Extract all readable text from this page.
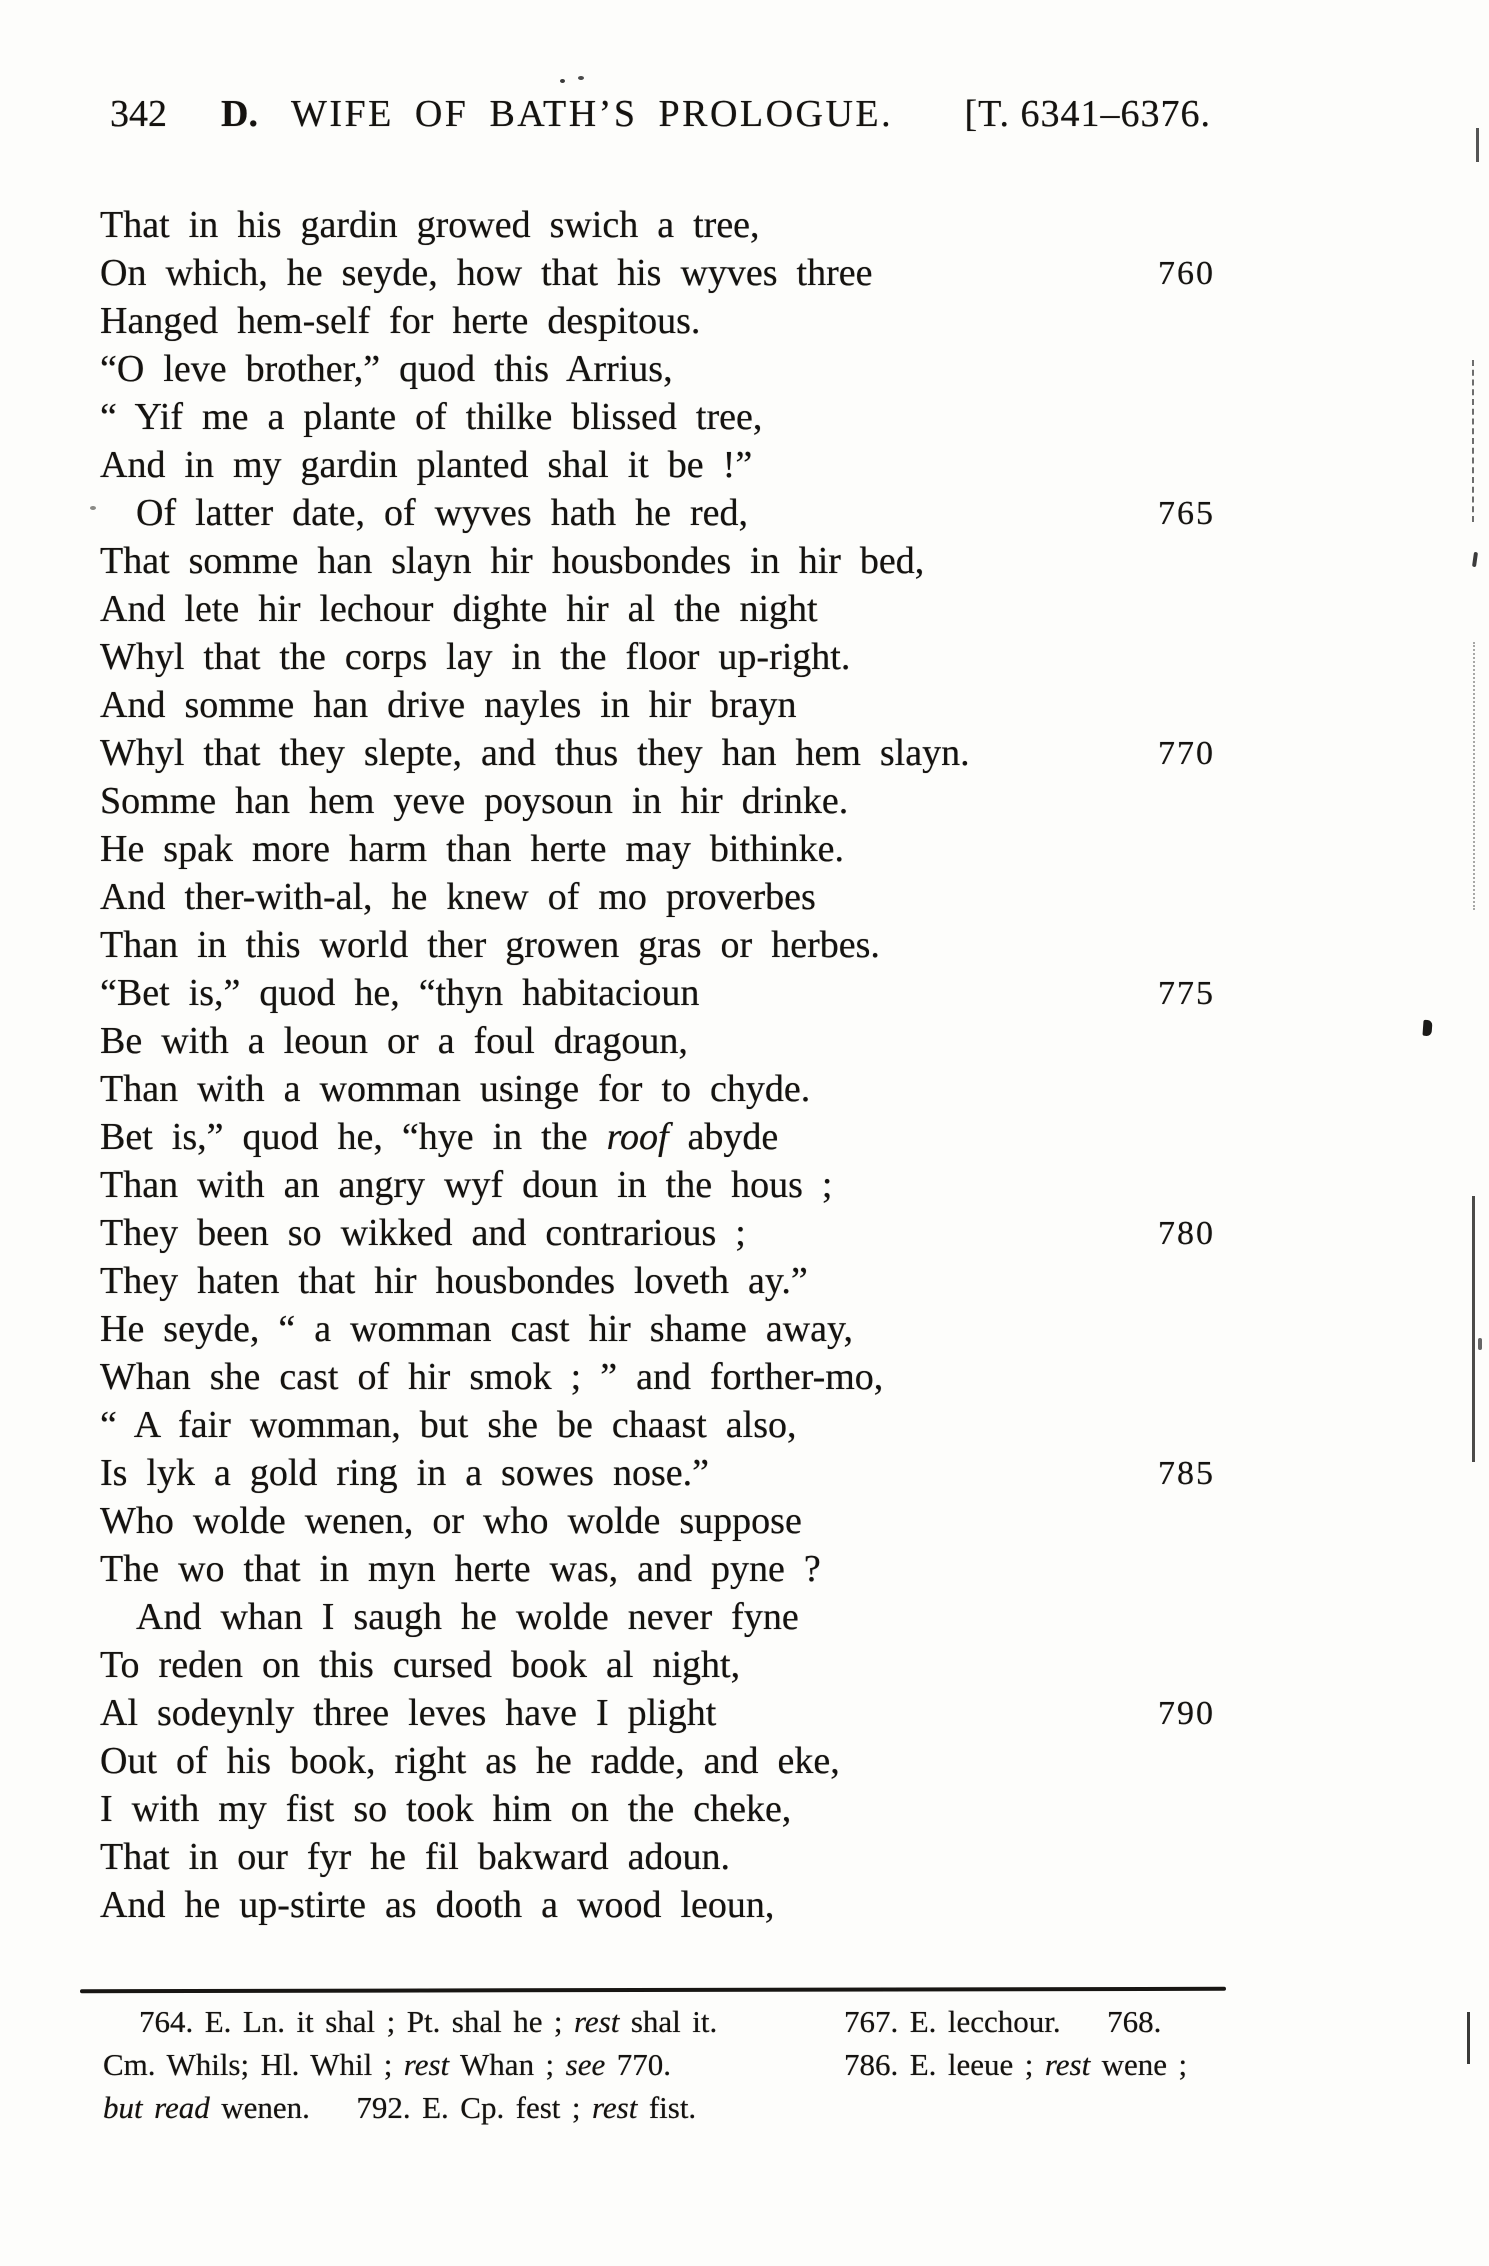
342 D. WIFE OF BATH’S PROLOGUE. [T. 6341–6376.
That in his gardin growed swich a tree,
On which, he seyde, how that his wyves three	760
Hanged hem-self for herte despitous.
“O leve brother,” quod this Arrius,
“ Yif me a plante of thilke blissed tree,
And in my gardin planted shal it be !”
Of latter date, of wyves hath he red,	765
That somme han slayn hir housbondes in hir bed,
And lete hir lechour dighte hir al the night
Whyl that the corps lay in the floor up-right.
And somme han drive nayles in hir brayn
Whyl that they slepte, and thus they han hem slayn.	770
Somme han hem yeve poysoun in hir drinke.
He spak more harm than herte may bithinke.
And ther-with-al, he knew of mo proverbes
Than in this world ther growen gras or herbes.
“Bet is,” quod he, “thyn habitacioun	775
Be with a leoun or a foul dragoun,
Than with a womman usinge for to chyde.
Bet is,” quod he, “hye in the roof abyde
Than with an angry wyf doun in the hous ;
They been so wikked and contrarious ;	780
They haten that hir housbondes loveth ay.”
He seyde, “ a womman cast hir shame away,
Whan she cast of hir smok ; ” and forther-mo,
“ A fair womman, but she be chaast also,
Is lyk a gold ring in a sowes nose.”	785
Who wolde wenen, or who wolde suppose
The wo that in myn herte was, and pyne ?
And whan I saugh he wolde never fyne
To reden on this cursed book al night,
Al sodeynly three leves have I plight	790
Out of his book, right as he radde, and eke,
I with my fist so took him on the cheke,
That in our fyr he fil bakward adoun.
And he up-stirte as dooth a wood leoun,
764. E. Ln. it shal ; Pt. shal he ; rest shal it.
Cm. Whils; Hl. Whil ; rest Whan ; see 770.
but read wenen.  792. E. Cp. fest ; rest fist.
767. E. lecchour.  768.
786. E. leeue ; rest wene ;
